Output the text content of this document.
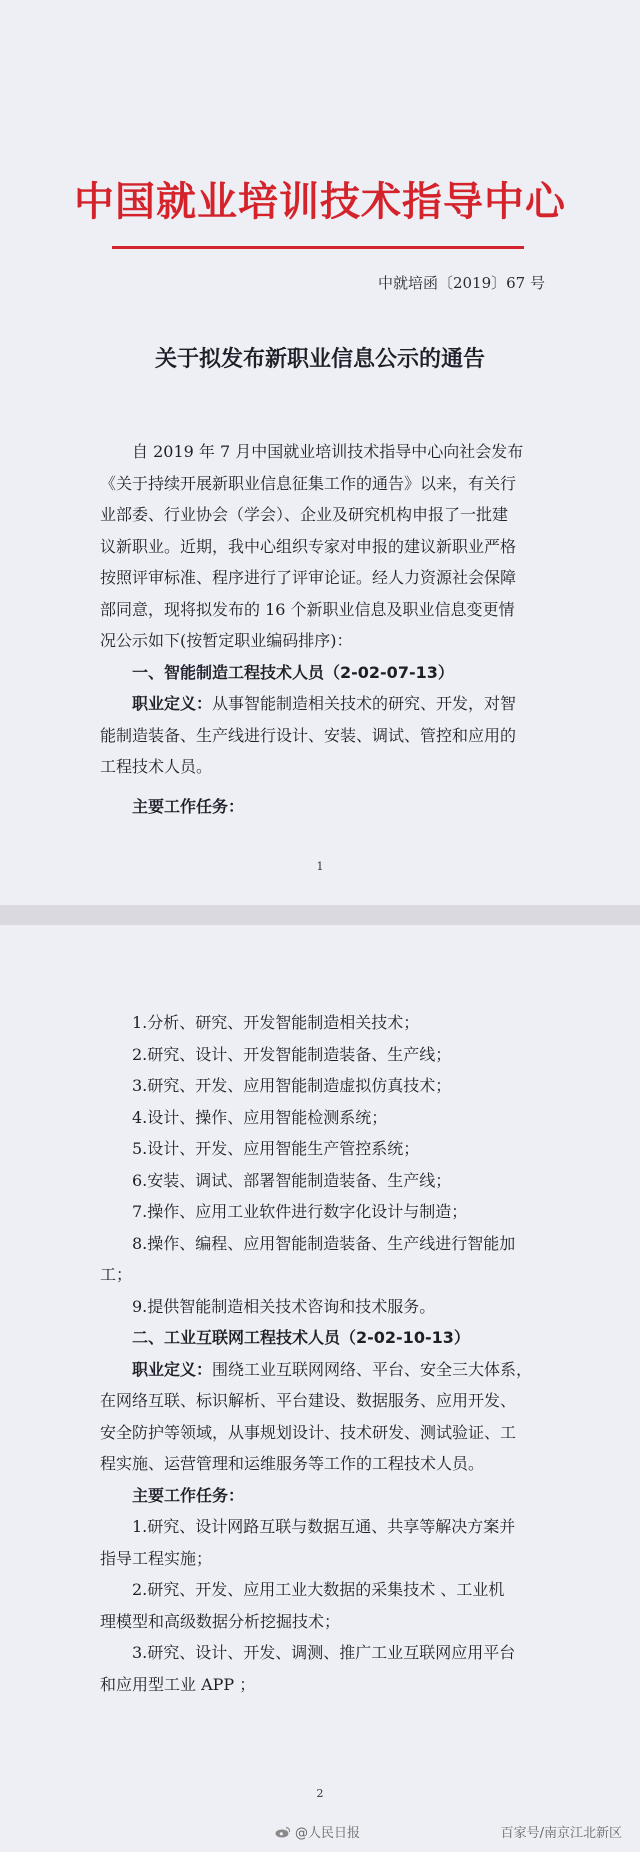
中国就业培训技术指导中心
中就培函〔2019〕67 号
关于拟发布新职业信息公示的通告
自 2019 年 7 月中国就业培训技术指导中心向社会发布
《关于持续开展新职业信息征集工作的通告》以来，有关行
业部委、行业协会（学会）、企业及研究机构申报了一批建
议新职业。近期，我中心组织专家对申报的建议新职业严格
按照评审标准、程序进行了评审论证。经人力资源社会保障
部同意，现将拟发布的 16 个新职业信息及职业信息变更情
况公示如下(按暂定职业编码排序)：
一、智能制造工程技术人员（2-02-07-13）
职业定义：从事智能制造相关技术的研究、开发，对智
能制造装备、生产线进行设计、安装、调试、管控和应用的
工程技术人员。
主要工作任务：
1
1.分析、研究、开发智能制造相关技术；
2.研究、设计、开发智能制造装备、生产线；
3.研究、开发、应用智能制造虚拟仿真技术；
4.设计、操作、应用智能检测系统；
5.设计、开发、应用智能生产管控系统；
6.安装、调试、部署智能制造装备、生产线；
7.操作、应用工业软件进行数字化设计与制造；
8.操作、编程、应用智能制造装备、生产线进行智能加
工；
9.提供智能制造相关技术咨询和技术服务。
二、工业互联网工程技术人员（2-02-10-13）
职业定义：围绕工业互联网网络、平台、安全三大体系，
在网络互联、标识解析、平台建设、数据服务、应用开发、
安全防护等领域，从事规划设计、技术研发、测试验证、工
程实施、运营管理和运维服务等工作的工程技术人员。
主要工作任务：
1.研究、设计网路互联与数据互通、共享等解决方案并
指导工程实施；
2.研究、开发、应用工业大数据的采集技术 、工业机
理模型和高级数据分析挖掘技术；
3.研究、设计、开发、调测、推广工业互联网应用平台
和应用型工业 APP ；
2
@人民日报	百家号/南京江北新区
